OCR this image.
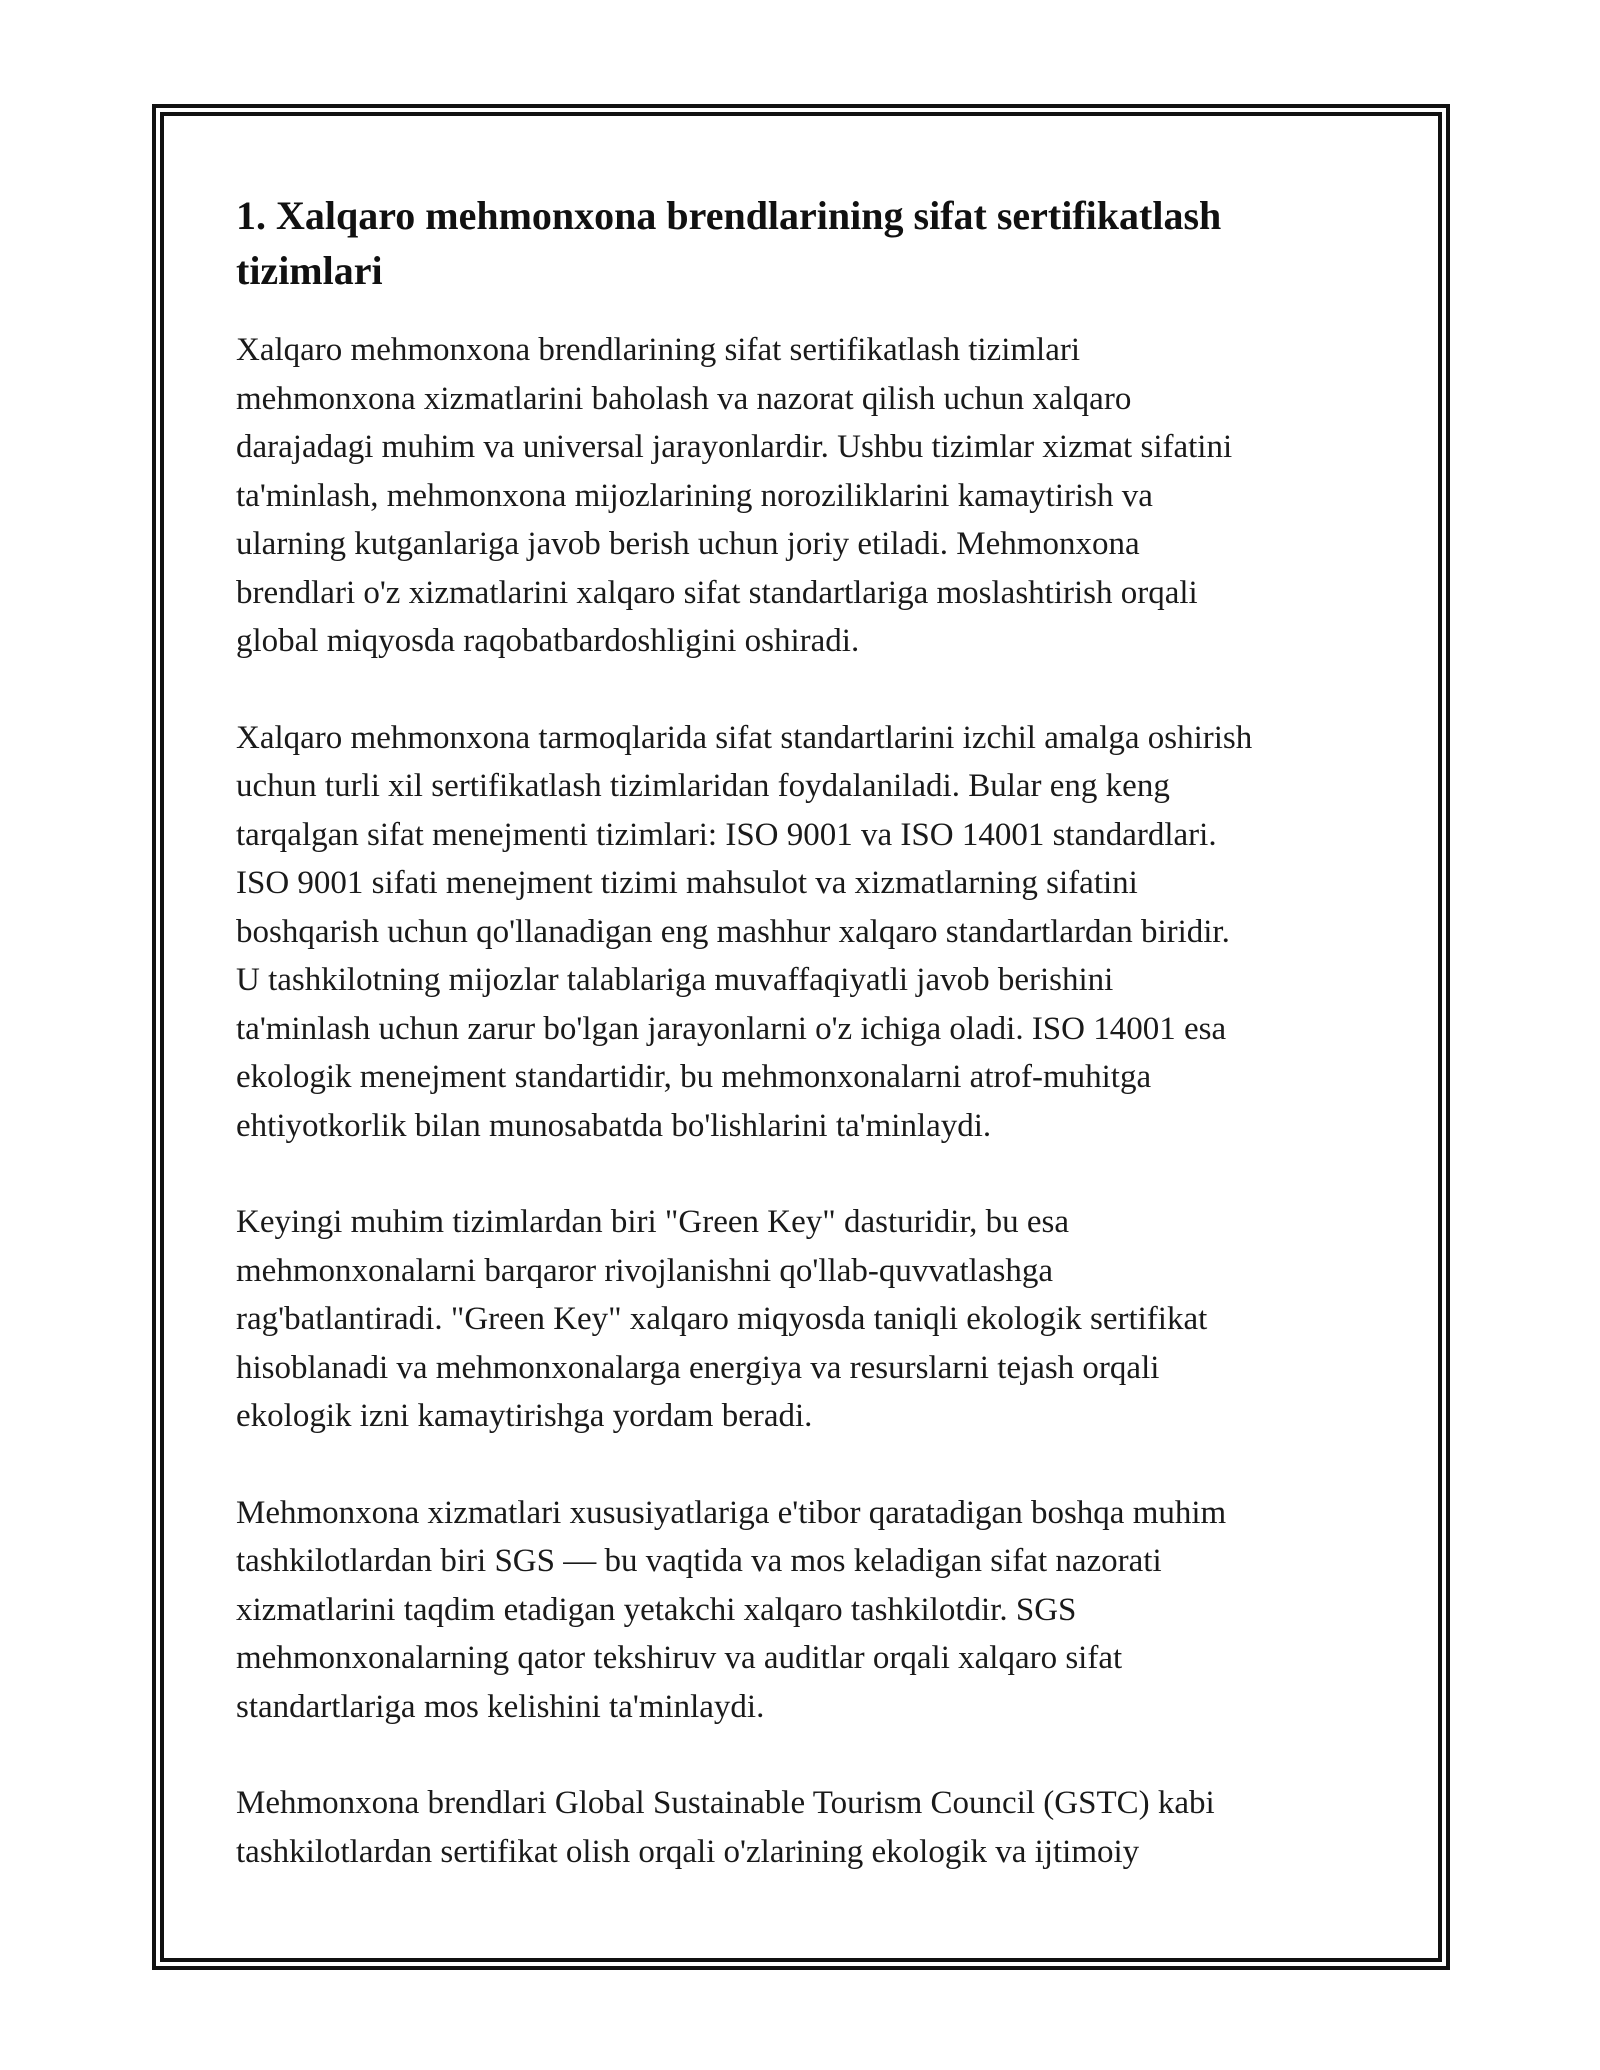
1. Xalqaro mehmonxona brendlarining sifat sertifikatlash
tizimlari

Xalqaro mehmonxona brendlarining sifat sertifikatlash tizimlari
mehmonxona xizmatlarini baholash va nazorat qilish uchun xalqaro
darajadagi muhim va universal jarayonlardir. Ushbu tizimlar xizmat sifatini
ta'minlash, mehmonxona mijozlarining noroziliklarini kamaytirish va
ularning kutganlariga javob berish uchun joriy etiladi. Mehmonxona
brendlari o'z xizmatlarini xalqaro sifat standartlariga moslashtirish orqali
global miqyosda raqobatbardoshligini oshiradi.

Xalqaro mehmonxona tarmoqlarida sifat standartlarini izchil amalga oshirish
uchun turli xil sertifikatlash tizimlaridan foydalaniladi. Bular eng keng
tarqalgan sifat menejmenti tizimlari: ISO 9001 va ISO 14001 standardlari.
ISO 9001 sifati menejment tizimi mahsulot va xizmatlarning sifatini
boshqarish uchun qo'llanadigan eng mashhur xalqaro standartlardan biridir.
U tashkilotning mijozlar talablariga muvaffaqiyatli javob berishini
ta'minlash uchun zarur bo'lgan jarayonlarni o'z ichiga oladi. ISO 14001 esa
ekologik menejment standartidir, bu mehmonxonalarni atrof-muhitga
ehtiyotkorlik bilan munosabatda bo'lishlarini ta'minlaydi.

Keyingi muhim tizimlardan biri "Green Key" dasturidir, bu esa
mehmonxonalarni barqaror rivojlanishni qo'llab-quvvatlashga
rag'batlantiradi. "Green Key" xalqaro miqyosda taniqli ekologik sertifikat
hisoblanadi va mehmonxonalarga energiya va resurslarni tejash orqali
ekologik izni kamaytirishga yordam beradi.

Mehmonxona xizmatlari xususiyatlariga e'tibor qaratadigan boshqa muhim
tashkilotlardan biri SGS — bu vaqtida va mos keladigan sifat nazorati
xizmatlarini taqdim etadigan yetakchi xalqaro tashkilotdir. SGS
mehmonxonalarning qator tekshiruv va auditlar orqali xalqaro sifat
standartlariga mos kelishini ta'minlaydi.

Mehmonxona brendlari Global Sustainable Tourism Council (GSTC) kabi
tashkilotlardan sertifikat olish orqali o'zlarining ekologik va ijtimoiy
